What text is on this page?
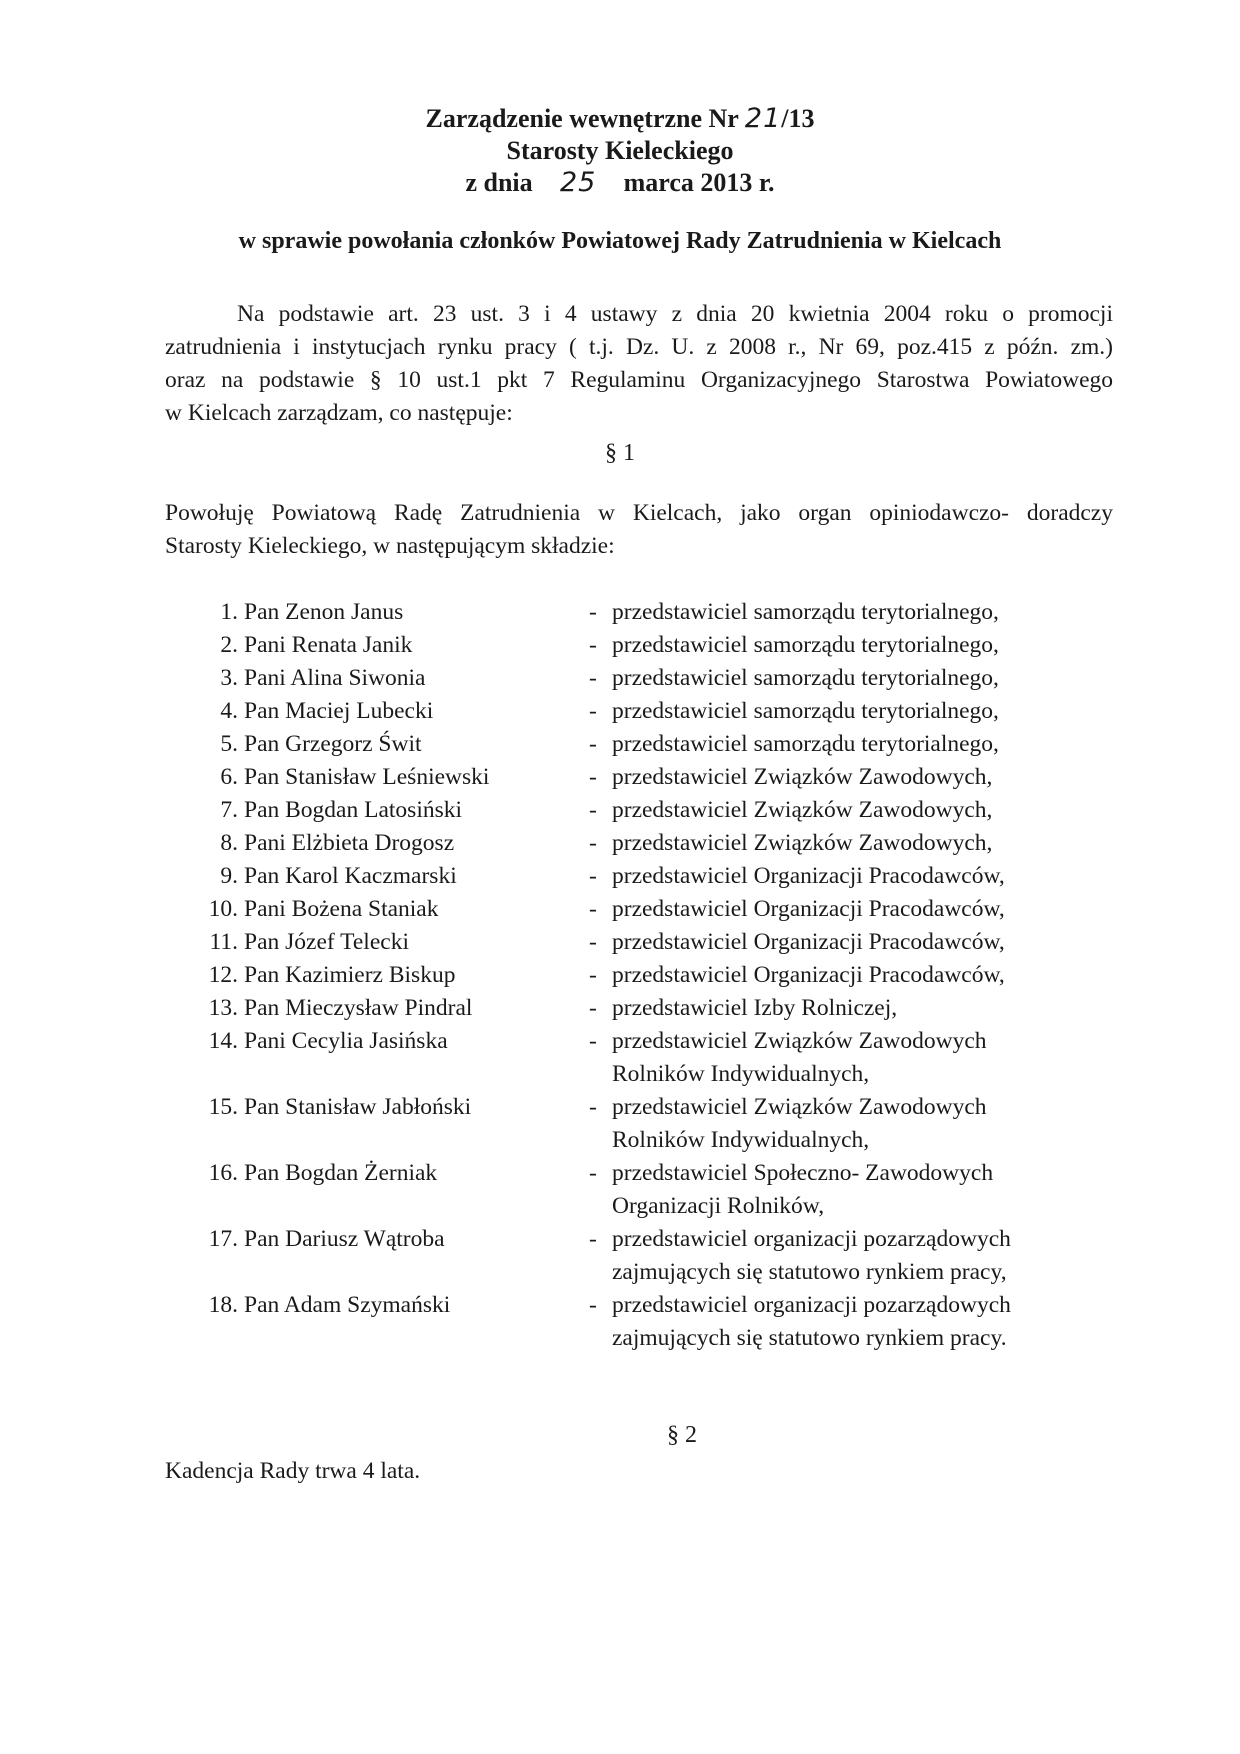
Zarządzenie wewnętrzne Nr 21/13
Starosty Kieleckiego
z dnia 25 marca 2013 r.
w sprawie powołania członków Powiatowej Rady Zatrudnienia w Kielcach
Na podstawie art. 23 ust. 3 i 4 ustawy z dnia 20 kwietnia 2004 roku o promocji
zatrudnienia i instytucjach rynku pracy ( t.j. Dz. U. z 2008 r., Nr 69, poz.415 z późn. zm.)
oraz na podstawie § 10 ust.1 pkt 7 Regulaminu Organizacyjnego Starostwa Powiatowego
w Kielcach zarządzam, co następuje:
§ 1
Powołuję Powiatową Radę Zatrudnienia w Kielcach, jako organ opiniodawczo- doradczy
Starosty Kieleckiego, w następującym składzie:
1. Pan Zenon Janus	- przedstawiciel samorządu terytorialnego,
2. Pani Renata Janik	- przedstawiciel samorządu terytorialnego,
3. Pani Alina Siwonia	- przedstawiciel samorządu terytorialnego,
4. Pan Maciej Lubecki	- przedstawiciel samorządu terytorialnego,
5. Pan Grzegorz Świt	- przedstawiciel samorządu terytorialnego,
6. Pan Stanisław Leśniewski	- przedstawiciel Związków Zawodowych,
7. Pan Bogdan Latosiński	- przedstawiciel Związków Zawodowych,
8. Pani Elżbieta Drogosz	- przedstawiciel Związków Zawodowych,
9. Pan Karol Kaczmarski	- przedstawiciel Organizacji Pracodawców,
10. Pani Bożena Staniak	- przedstawiciel Organizacji Pracodawców,
11. Pan Józef Telecki	- przedstawiciel Organizacji Pracodawców,
12. Pan Kazimierz Biskup	- przedstawiciel Organizacji Pracodawców,
13. Pan Mieczysław Pindral	- przedstawiciel Izby Rolniczej,
14. Pani Cecylia Jasińska	- przedstawiciel Związków Zawodowych
Rolników Indywidualnych,
15. Pan Stanisław Jabłoński	- przedstawiciel Związków Zawodowych
Rolników Indywidualnych,
16. Pan Bogdan Żerniak	- przedstawiciel Społeczno- Zawodowych
Organizacji Rolników,
17. Pan Dariusz Wątroba	- przedstawiciel organizacji pozarządowych
zajmujących się statutowo rynkiem pracy,
18. Pan Adam Szymański	- przedstawiciel organizacji pozarządowych
zajmujących się statutowo rynkiem pracy.
§ 2
Kadencja Rady trwa 4 lata.
